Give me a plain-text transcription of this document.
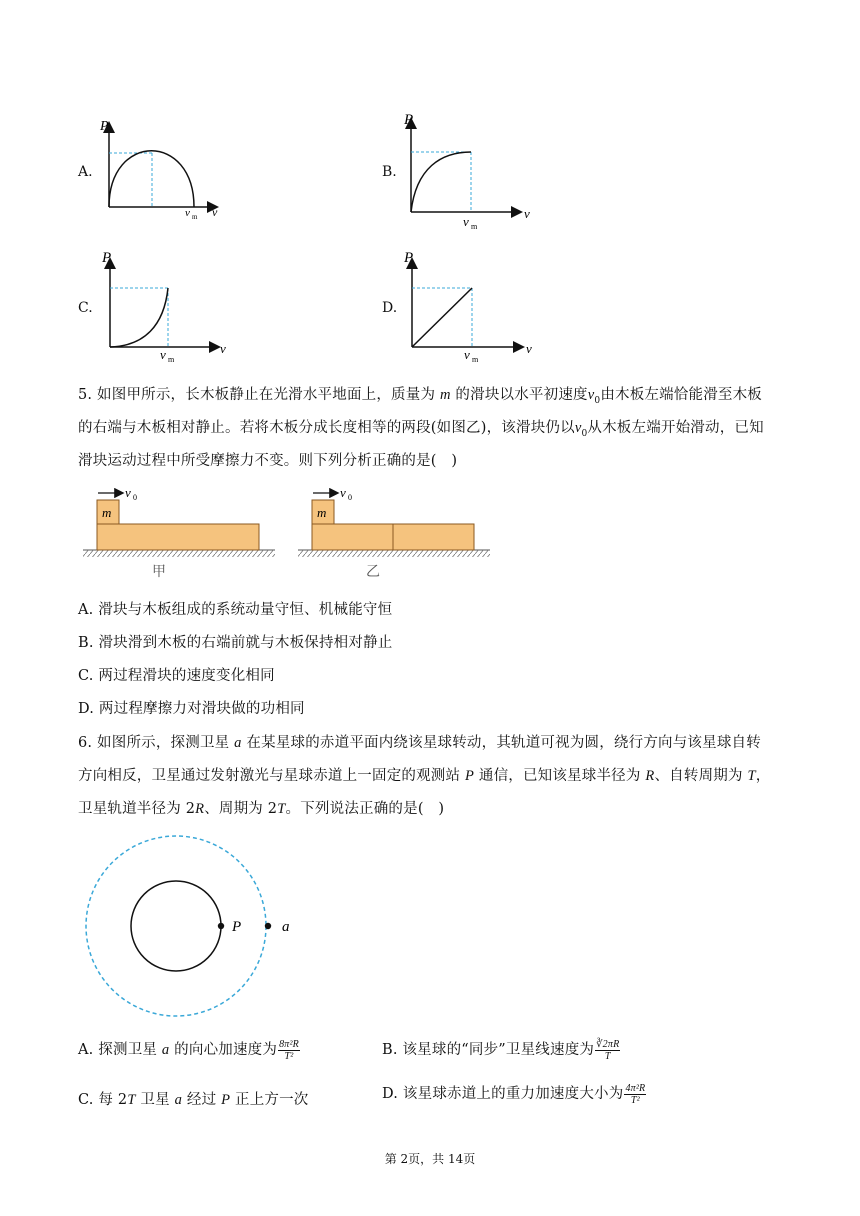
A.
P
v
v m
B.
P
v
v m
C.
P
v
v m
D.
P
v
v m
5. 如图甲所示，长木板静止在光滑水平地面上，质量为 m 的滑块以水平初速度$v_0$由木板左端恰能滑至木板
的右端与木板相对静止。若将木板分成长度相等的两段(如图乙)，该滑块仍以$v_0$从木板左端开始滑动，已知
滑块运动过程中所受摩擦力不变。则下列分析正确的是(　)
m
v 0
甲
m
v 0
乙
A. 滑块与木板组成的系统动量守恒、机械能守恒
B. 滑块滑到木板的右端前就与木板保持相对静止
C. 两过程滑块的速度变化相同
D. 两过程摩擦力对滑块做的功相同
6. 如图所示，探测卫星 a 在某星球的赤道平面内绕该星球转动，其轨道可视为圆，绕行方向与该星球自转
方向相反，卫星通过发射激光与星球赤道上一固定的观测站 P 通信，已知该星球半径为 R、自转周期为 T，
卫星轨道半径为 2R、周期为 2T。下列说法正确的是(　)
P	a
A. 探测卫星 a 的向心加速度为 $\frac{\text{8π²R}}{\text{T²}}$	B. 该星球的“同步”卫星线速度为 $\frac{∛2\pi R}{T}$
C. 每 2T 卫星 a 经过 P 正上方一次	D. 该星球赤道上的重力加速度大小为 $\frac{\text{4π²R}}{\text{T²}}$
第 2页，共 14页
